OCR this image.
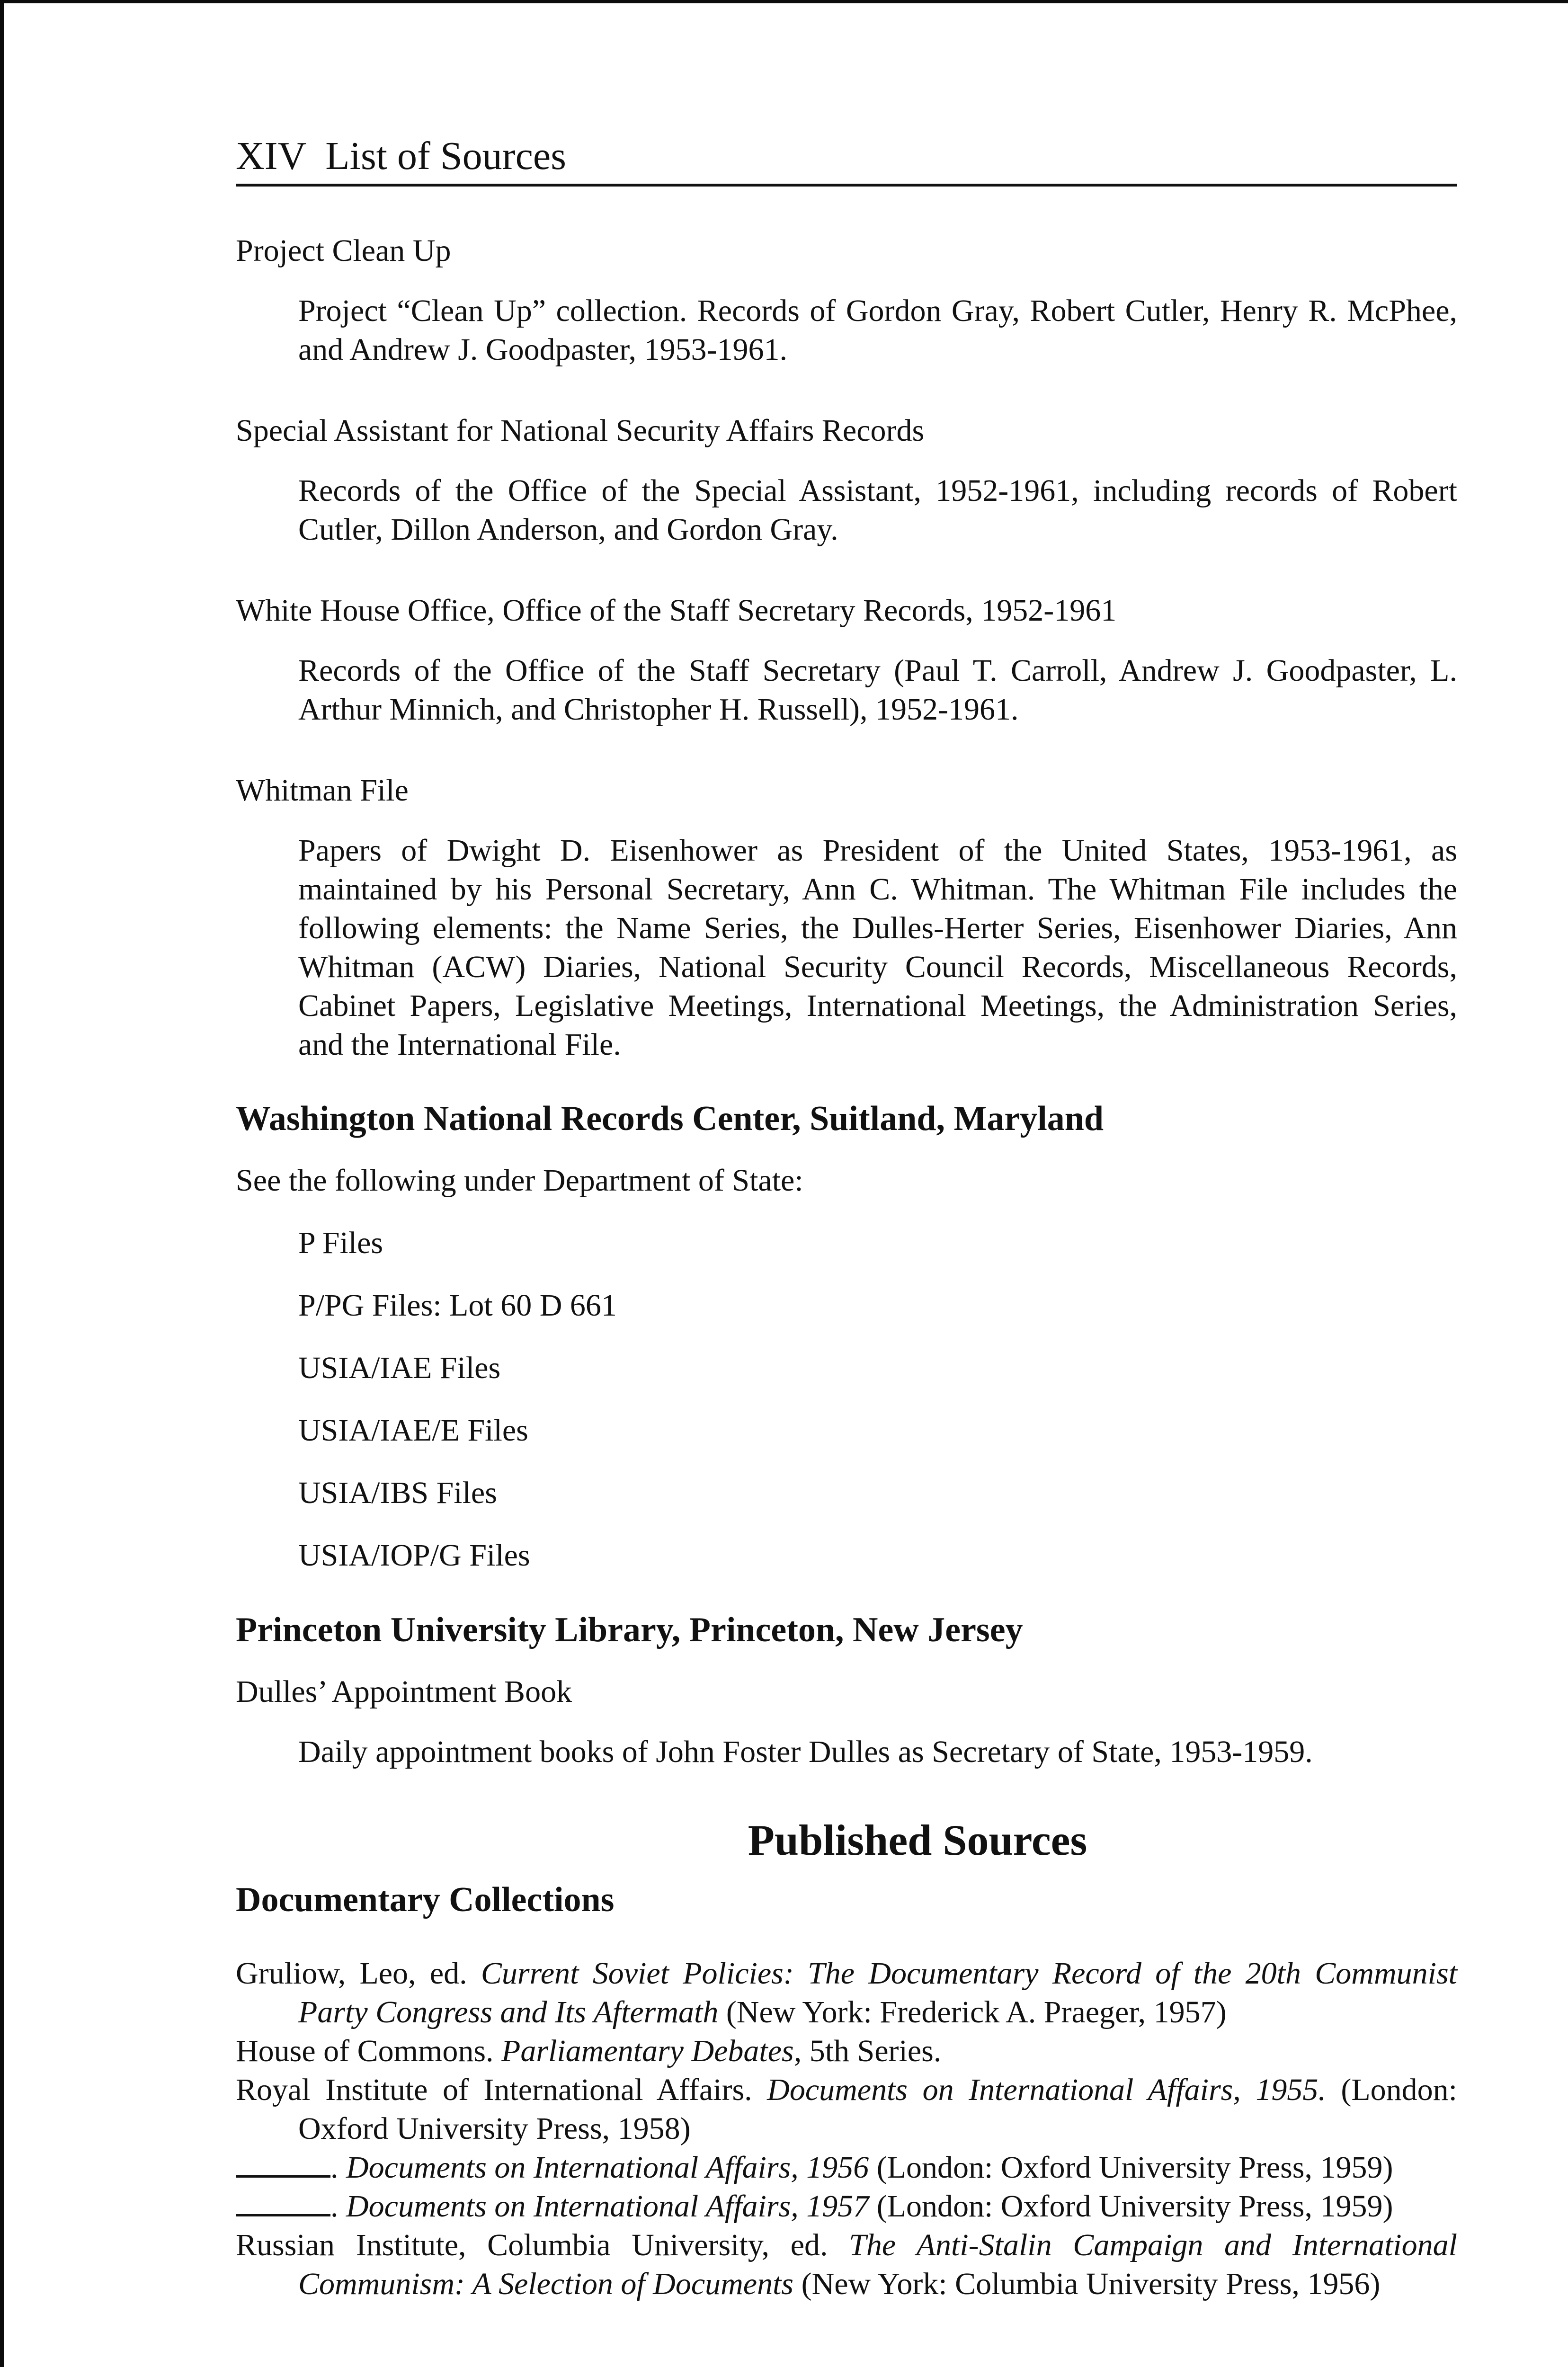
XIV List of Sources
Project Clean Up
Project “Clean Up” collection. Records of Gordon Gray, Robert Cutler, Henry R. McPhee, and Andrew J. Goodpaster, 1953-1961.
Special Assistant for National Security Affairs Records
Records of the Office of the Special Assistant, 1952-1961, including records of Robert Cutler, Dillon Anderson, and Gordon Gray.
White House Office, Office of the Staff Secretary Records, 1952-1961
Records of the Office of the Staff Secretary (Paul T. Carroll, Andrew J. Goodpaster, L. Arthur Minnich, and Christopher H. Russell), 1952-1961.
Whitman File
Papers of Dwight D. Eisenhower as President of the United States, 1953-1961, as maintained by his Personal Secretary, Ann C. Whitman. The Whitman File includes the following elements: the Name Series, the Dulles-Herter Series, Eisenhower Diaries, Ann Whitman (ACW) Diaries, National Security Council Records, Miscellaneous Records, Cabinet Papers, Legislative Meetings, International Meetings, the Administration Series, and the International File.
Washington National Records Center, Suitland, Maryland
See the following under Department of State:
P Files
P/PG Files: Lot 60 D 661
USIA/IAE Files
USIA/IAE/E Files
USIA/IBS Files
USIA/IOP/G Files
Princeton University Library, Princeton, New Jersey
Dulles’ Appointment Book
Daily appointment books of John Foster Dulles as Secretary of State, 1953-1959.
Published Sources
Documentary Collections
Gruliow, Leo, ed. Current Soviet Policies: The Documentary Record of the 20th Communist Party Congress and Its Aftermath (New York: Frederick A. Praeger, 1957)
House of Commons. Parliamentary Debates, 5th Series.
Royal Institute of International Affairs. Documents on International Affairs, 1955. (London: Oxford University Press, 1958)
. Documents on International Affairs, 1956 (London: Oxford University Press, 1959)
. Documents on International Affairs, 1957 (London: Oxford University Press, 1959)
Russian Institute, Columbia University, ed. The Anti-Stalin Campaign and International Communism: A Selection of Documents (New York: Columbia University Press, 1956)
